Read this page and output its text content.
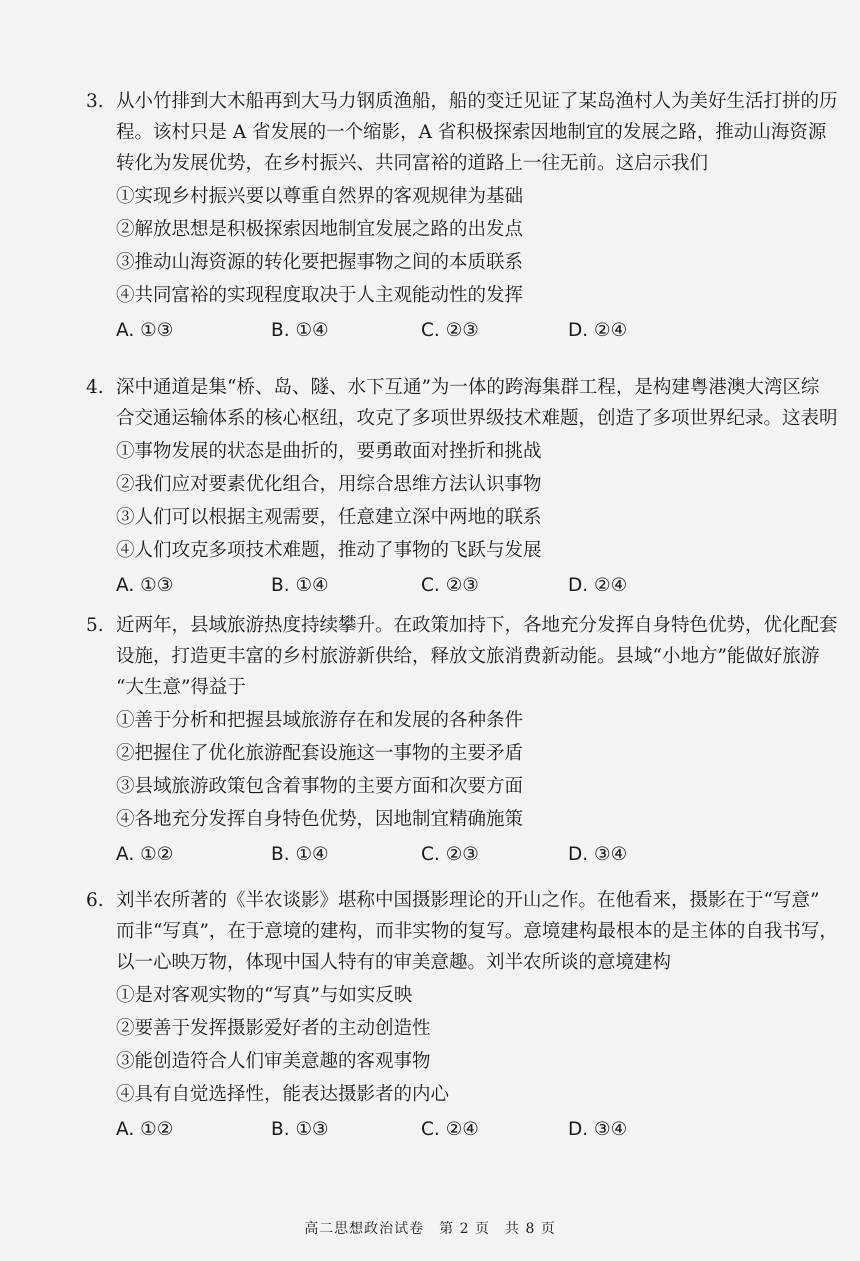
3. 从小竹排到大木船再到大马力钢质渔船，船的变迁见证了某岛渔村人为美好生活打拼的历

程。该村只是 A 省发展的一个缩影，A 省积极探索因地制宜的发展之路，推动山海资源

转化为发展优势，在乡村振兴、共同富裕的道路上一往无前。这启示我们

①实现乡村振兴要以尊重自然界的客观规律为基础

②解放思想是积极探索因地制宜发展之路的出发点

③推动山海资源的转化要把握事物之间的本质联系

④共同富裕的实现程度取决于人主观能动性的发挥

A. ①③	B. ①④	C. ②③	D. ②④

4. 深中通道是集“桥、岛、隧、水下互通”为一体的跨海集群工程，是构建粤港澳大湾区综

合交通运输体系的核心枢纽，攻克了多项世界级技术难题，创造了多项世界纪录。这表明

①事物发展的状态是曲折的，要勇敢面对挫折和挑战

②我们应对要素优化组合，用综合思维方法认识事物

③人们可以根据主观需要，任意建立深中两地的联系

④人们攻克多项技术难题，推动了事物的飞跃与发展

A. ①③	B. ①④	C. ②③	D. ②④

5. 近两年，县域旅游热度持续攀升。在政策加持下，各地充分发挥自身特色优势，优化配套

设施，打造更丰富的乡村旅游新供给，释放文旅消费新动能。县域“小地方”能做好旅游

“大生意”得益于

①善于分析和把握县域旅游存在和发展的各种条件

②把握住了优化旅游配套设施这一事物的主要矛盾

③县域旅游政策包含着事物的主要方面和次要方面

④各地充分发挥自身特色优势，因地制宜精确施策

A. ①②	B. ①④	C. ②③	D. ③④

6. 刘半农所著的《半农谈影》堪称中国摄影理论的开山之作。在他看来，摄影在于“写意”

而非“写真”，在于意境的建构，而非实物的复写。意境建构最根本的是主体的自我书写，

以一心映万物，体现中国人特有的审美意趣。刘半农所谈的意境建构

①是对客观实物的“写真”与如实反映

②要善于发挥摄影爱好者的主动创造性

③能创造符合人们审美意趣的客观事物

④具有自觉选择性，能表达摄影者的内心

A. ①②	B. ①③	C. ②④	D. ③④
高二思想政治试卷　第 2 页　共 8 页
